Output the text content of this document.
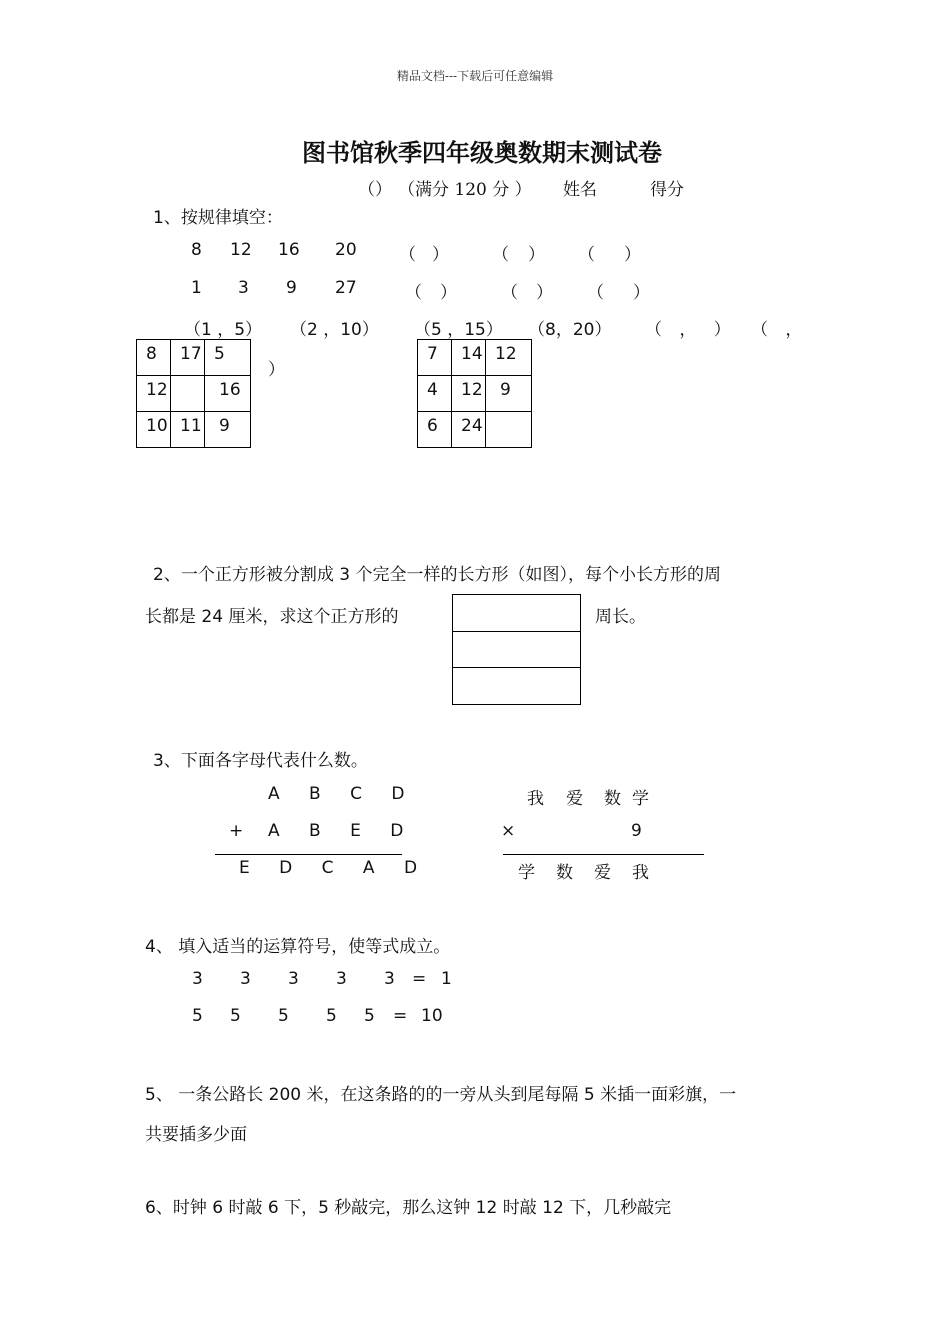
精品文档---下载后可任意编辑
图书馆秋季四年级奥数期末测试卷
（） （满分 120 分 ） 姓名	得分
1、按规律填空：
8 12 16 20 （ ）	（ ） （ ）
1 3 9 27	（ ）	（ ） （ ）
（1 ，5） （2 ，10） （5 ，15） （8，20） （ ， ） （ ，
）
8	17	5
12		16
10	11	9
7	14	12
4	12	9
6	24	
2、一个正方形被分割成 3 个完全一样的长方形（如图），每个小长方形的周
长都是 24 厘米，求这个正方形的	周长。
3、下面各字母代表什么数。
A B C D
+ A B E D
E D C A D
我 爱 数 学
×	9
学 数 爱 我
4、 填入适当的运算符号，使等式成立。
3 3 3 3 3 = 1
5 5 5 5 5 = 10
5、 一条公路长 200 米，在这条路的的一旁从头到尾每隔 5 米插一面彩旗，一
共要插多少面
6、时钟 6 时敲 6 下，5 秒敲完，那么这钟 12 时敲 12 下，几秒敲完
